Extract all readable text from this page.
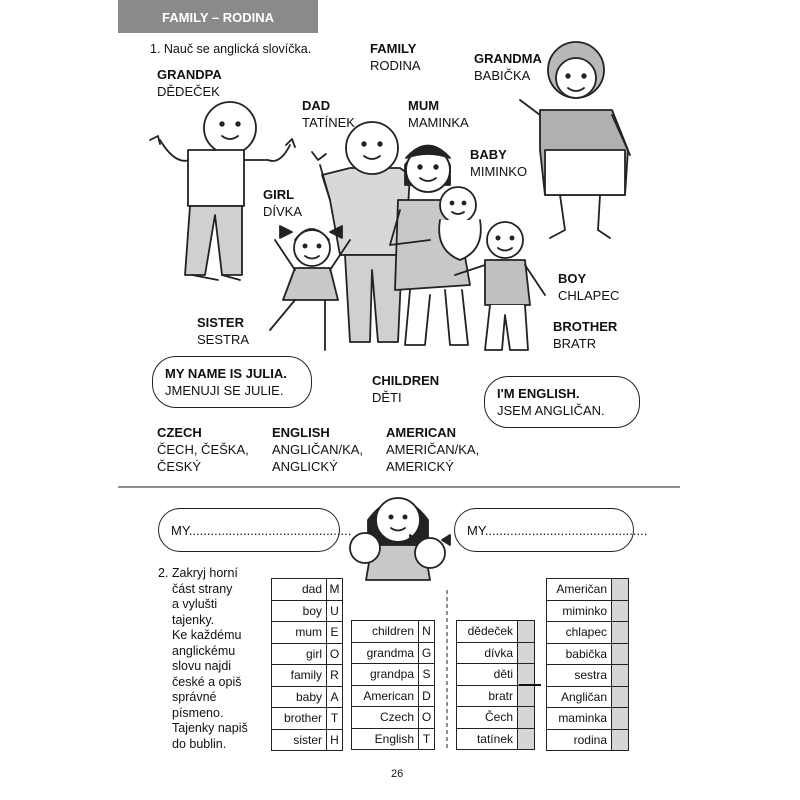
FAMILY – RODINA
1. Nauč se anglická slovíčka.	FAMILY
RODINA	GRANDMA
BABIČKA
GRANDPA
DĚDEČEK
DAD
TATÍNEK
MUM
MAMINKA
BABY
MIMINKO
GIRL
DÍVKA
BOY
CHLAPEC
SISTER
SESTRA
BROTHER
BRATR
CHILDREN
DĚTI
MY NAME IS JULIA.
JMENUJI SE JULIE.	I'M ENGLISH.
JSEM ANGLIČAN.
CZECH
ČECH, ČEŠKA,
ČESKÝ
ENGLISH
ANGLIČAN/KA,
ANGLICKÝ
AMERICAN
AMERIČAN/KA,
AMERICKÝ
MY.............................................	MY.............................................
2. Zakryj horní
část strany
a vylušti
tajenky.
Ke každému
anglickému
slovu najdi
české a opiš
správné
písmeno.
Tajenky napiš
do bublin.
dad	M
boy	U
mum	E
girl	O
family	R
baby	A
brother	T
sister	H
children	N
grandma	G
grandpa	S
American	D
Czech	O
English	T
dědeček	
dívka	
děti	
bratr	
Čech	
tatínek	
Američan	
miminko	
chlapec	
babička	
sestra	
Angličan	
maminka	
rodina	
26
